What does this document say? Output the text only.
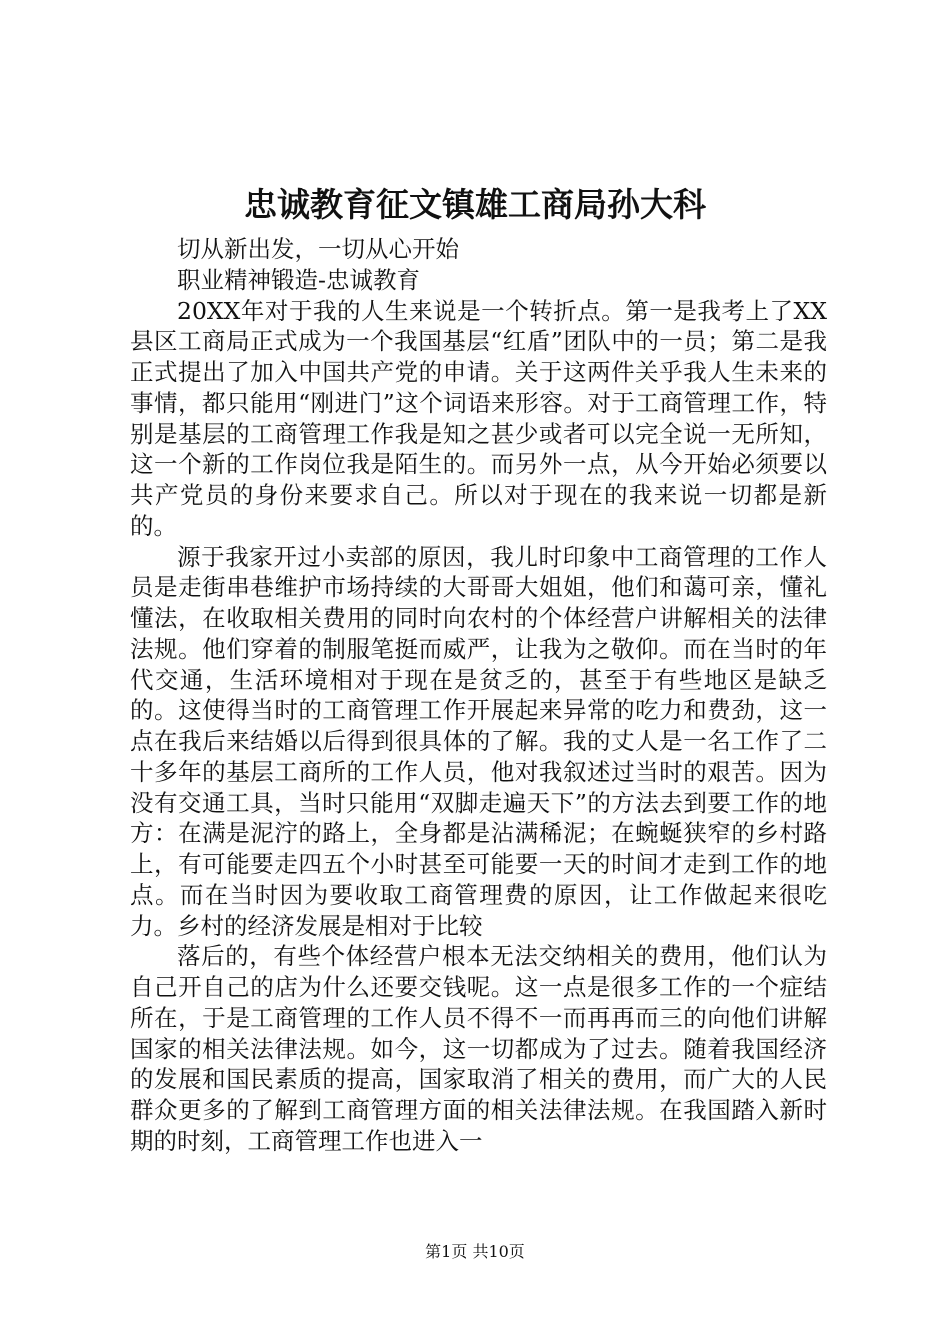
忠诚教育征文镇雄工商局孙大科

切从新出发，一切从心开始

职业精神锻造-忠诚教育

20XX年对于我的人生来说是一个转折点。第一是我考上了XX县区工商局正式成为一个我国基层“红盾”团队中的一员；第二是我正式提出了加入中国共产党的申请。关于这两件关乎我人生未来的事情，都只能用“刚进门”这个词语来形容。对于工商管理工作，特别是基层的工商管理工作我是知之甚少或者可以完全说一无所知，这一个新的工作岗位我是陌生的。而另外一点，从今开始必须要以共产党员的身份来要求自己。所以对于现在的我来说一切都是新的。

源于我家开过小卖部的原因，我儿时印象中工商管理的工作人员是走街串巷维护市场持续的大哥哥大姐姐，他们和蔼可亲，懂礼懂法，在收取相关费用的同时向农村的个体经营户讲解相关的法律法规。他们穿着的制服笔挺而威严，让我为之敬仰。而在当时的年代交通，生活环境相对于现在是贫乏的，甚至于有些地区是缺乏的。这使得当时的工商管理工作开展起来异常的吃力和费劲，这一点在我后来结婚以后得到很具体的了解。我的丈人是一名工作了二十多年的基层工商所的工作人员，他对我叙述过当时的艰苦。因为没有交通工具，当时只能用“双脚走遍天下”的方法去到要工作的地方：在满是泥泞的路上，全身都是沾满稀泥；在蜿蜒狭窄的乡村路上，有可能要走四五个小时甚至可能要一天的时间才走到工作的地点。而在当时因为要收取工商管理费的原因，让工作做起来很吃力。乡村的经济发展是相对于比较

落后的，有些个体经营户根本无法交纳相关的费用，他们认为自己开自己的店为什么还要交钱呢。这一点是很多工作的一个症结所在，于是工商管理的工作人员不得不一而再再而三的向他们讲解国家的相关法律法规。如今，这一切都成为了过去。随着我国经济的发展和国民素质的提高，国家取消了相关的费用，而广大的人民群众更多的了解到工商管理方面的相关法律法规。在我国踏入新时期的时刻，工商管理工作也进入一

第1页 共10页
